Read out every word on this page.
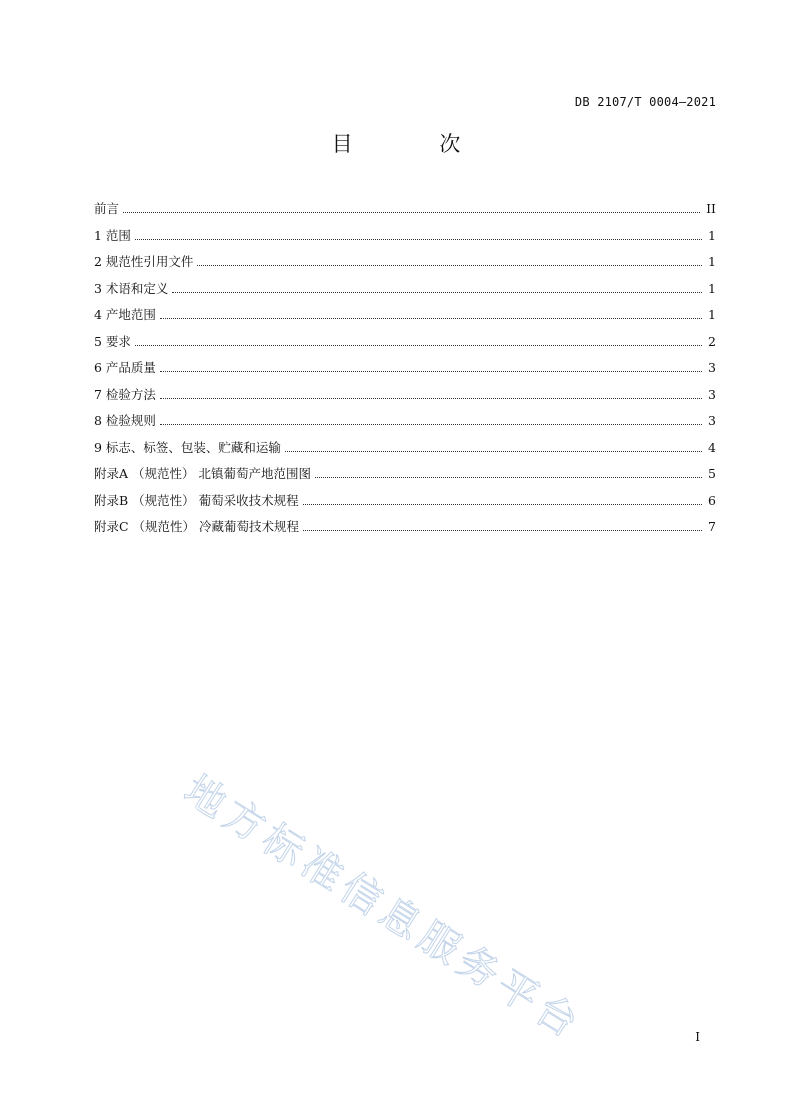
DB 2107/T 0004—2021
目 次
前言	II
1 范围	1
2 规范性引用文件	1
3 术语和定义	1
4 产地范围	1
5 要求	2
6 产品质量	3
7 检验方法	3
8 检验规则	3
9 标志、标签、包装、贮藏和运输	4
附录A （规范性） 北镇葡萄产地范围图	5
附录B （规范性） 葡萄采收技术规程	6
附录C （规范性） 冷藏葡萄技术规程	7
地方标准信息服务平台	I
